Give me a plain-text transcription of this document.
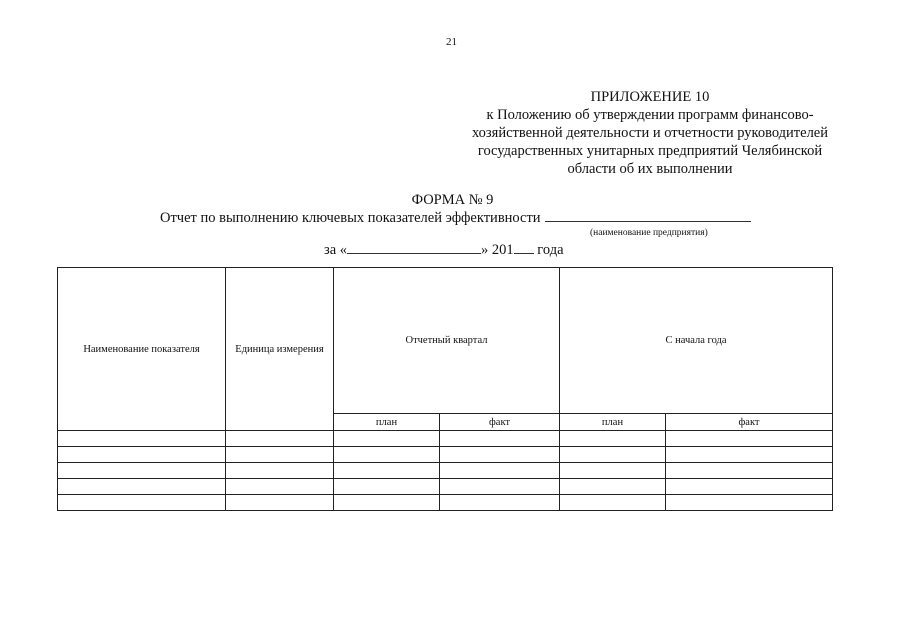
21
ПРИЛОЖЕНИЕ 10
к Положению об утверждении программ финансово-
хозяйственной деятельности и отчетности руководителей
государственных унитарных предприятий Челябинской
области об их выполнении
ФОРМА № 9
Отчет по выполнению ключевых показателей эффективности
(наименование предприятия)
за «	» 201 года
Наименование показателя	Единица измерения	Отчетный квартал		С начала года	
		план	факт	план	факт
